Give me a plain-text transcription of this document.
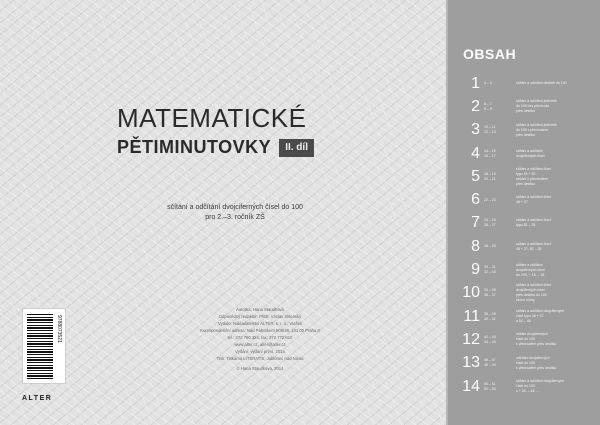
MATEMATICKÉ
PĚTIMINUTOVKY	II. díl
sčítání a odčítání dvojciferných čísel do 100
pro 2.–3. ročník ZŠ
Autorka: Hana Staudková
Odpovědný redaktor: PhDr. Václav Sklenský
Vydalo: Nakladatelství ALTER, s. r. o., Vlašim
Korespondenční adresa: Nad Pahorkem 808/28, 181 00 Praha 8
tel.: 272 760 324, fax: 272 772 610
www.alter.cz, alter@alter.cz
Vydání: vydání první, 2014
Tisk: Tiskárna LITERATIS, Jablonec nad Nisou
© Hana Staudková, 2014
9788073521
ALTER
OBSAH
1 4 – 5	sčítání a odčítání desítek do 100
2 6 – 7
8 – 9
sčítání a odčítání jednotek
do 100 bez přechodu
přes desítku
3 10 – 11
12 – 13
sčítání a odčítání jednotek
do 100 s přechodem
přes desítku
4 14 – 15
16 – 17
sčítání a odčítání
dvojciferných čísel
5 18 – 19
20 – 21
sčítání a odčítání čísel
typu 45 + 30
sčítání s přechodem
přes desítku
6 22 – 23
sčítání a odčítání čísel
45 + 27
7 24 – 25
26 – 27
sčítání a odčítání čísel
typu 82 – 35
8 28 – 29
sčítání a odčítání čísel
45 + 27, 82 – 35
9 30 – 31
32 – 33
sčítání a odčítání
dvojciferných čísel
do 100, + 18, – 18
10 34 – 35
36 – 37
sčítání a odčítání čísel
dvojciferných čísel
přes desítku do 100
slovní úlohy
11 38 – 39
40 – 41
sčítání a odčítání dvojciferných
čísel typu 46 + 37
a 82 – 46
12 42 – 43
44 – 45
sčítání dvojciferných
čísel do 100
s přechodem přes desítku
13 46 – 47
48 – 49
odčítání dvojciferných
čísel do 100
s přechodem přes desítku
14 50 – 51
52 – 53
sčítání a odčítání dvojciferných
čísel do 100
s + 28, – 46 …
